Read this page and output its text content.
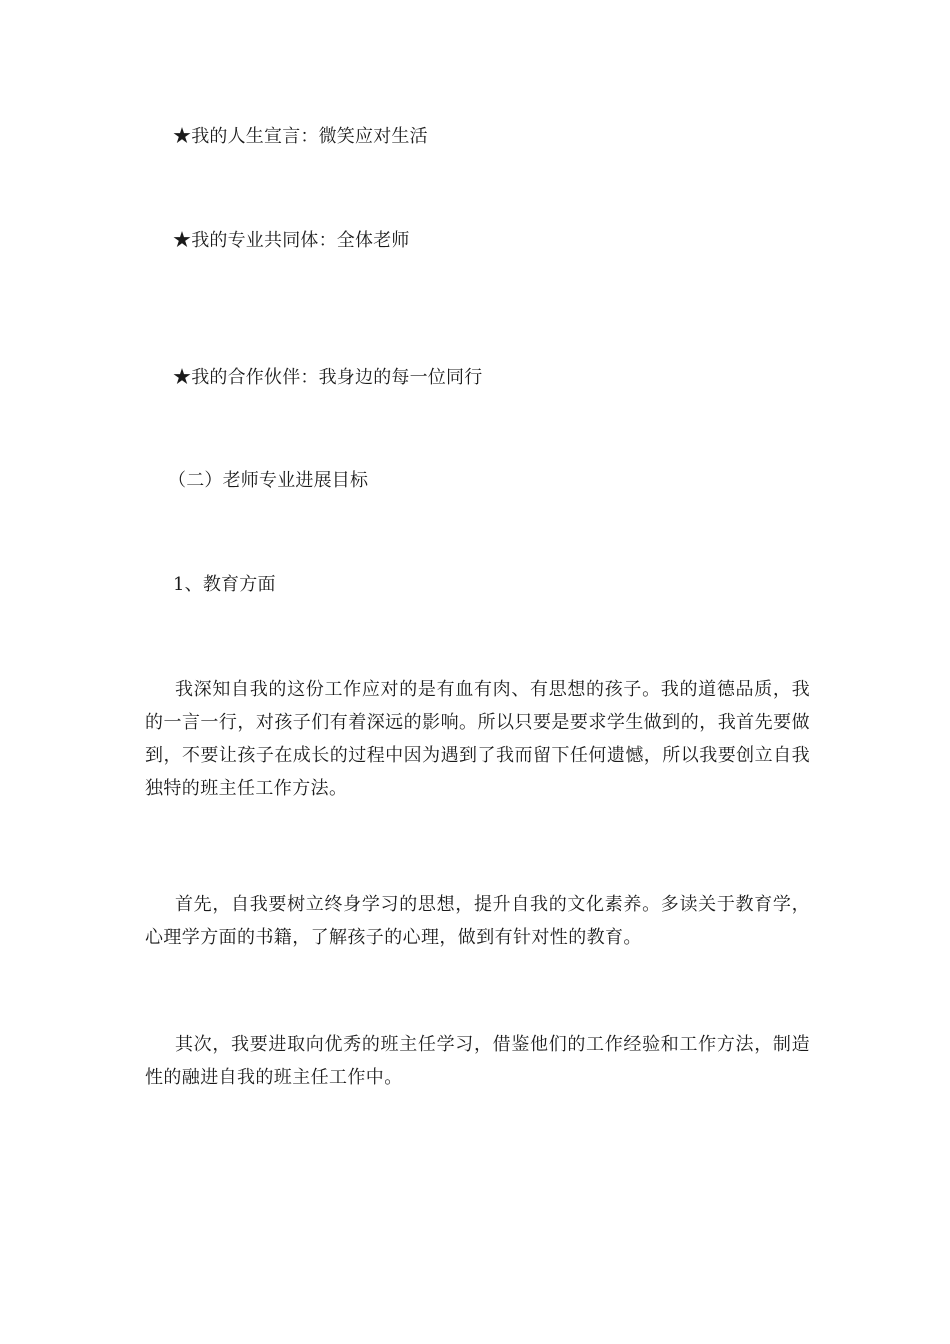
★我的人生宣言：微笑应对生活
★我的专业共同体：全体老师
★我的合作伙伴：我身边的每一位同行
（二）老师专业进展目标
1、教育方面
我深知自我的这份工作应对的是有血有肉、有思想的孩子。我的道德品质，我的一言一行，对孩子们有着深远的影响。所以只要是要求学生做到的，我首先要做到，不要让孩子在成长的过程中因为遇到了我而留下任何遗憾，所以我要创立自我独特的班主任工作方法。
首先，自我要树立终身学习的思想，提升自我的文化素养。多读关于教育学，心理学方面的书籍，了解孩子的心理，做到有针对性的教育。
其次，我要进取向优秀的班主任学习，借鉴他们的工作经验和工作方法，制造性的融进自我的班主任工作中。
